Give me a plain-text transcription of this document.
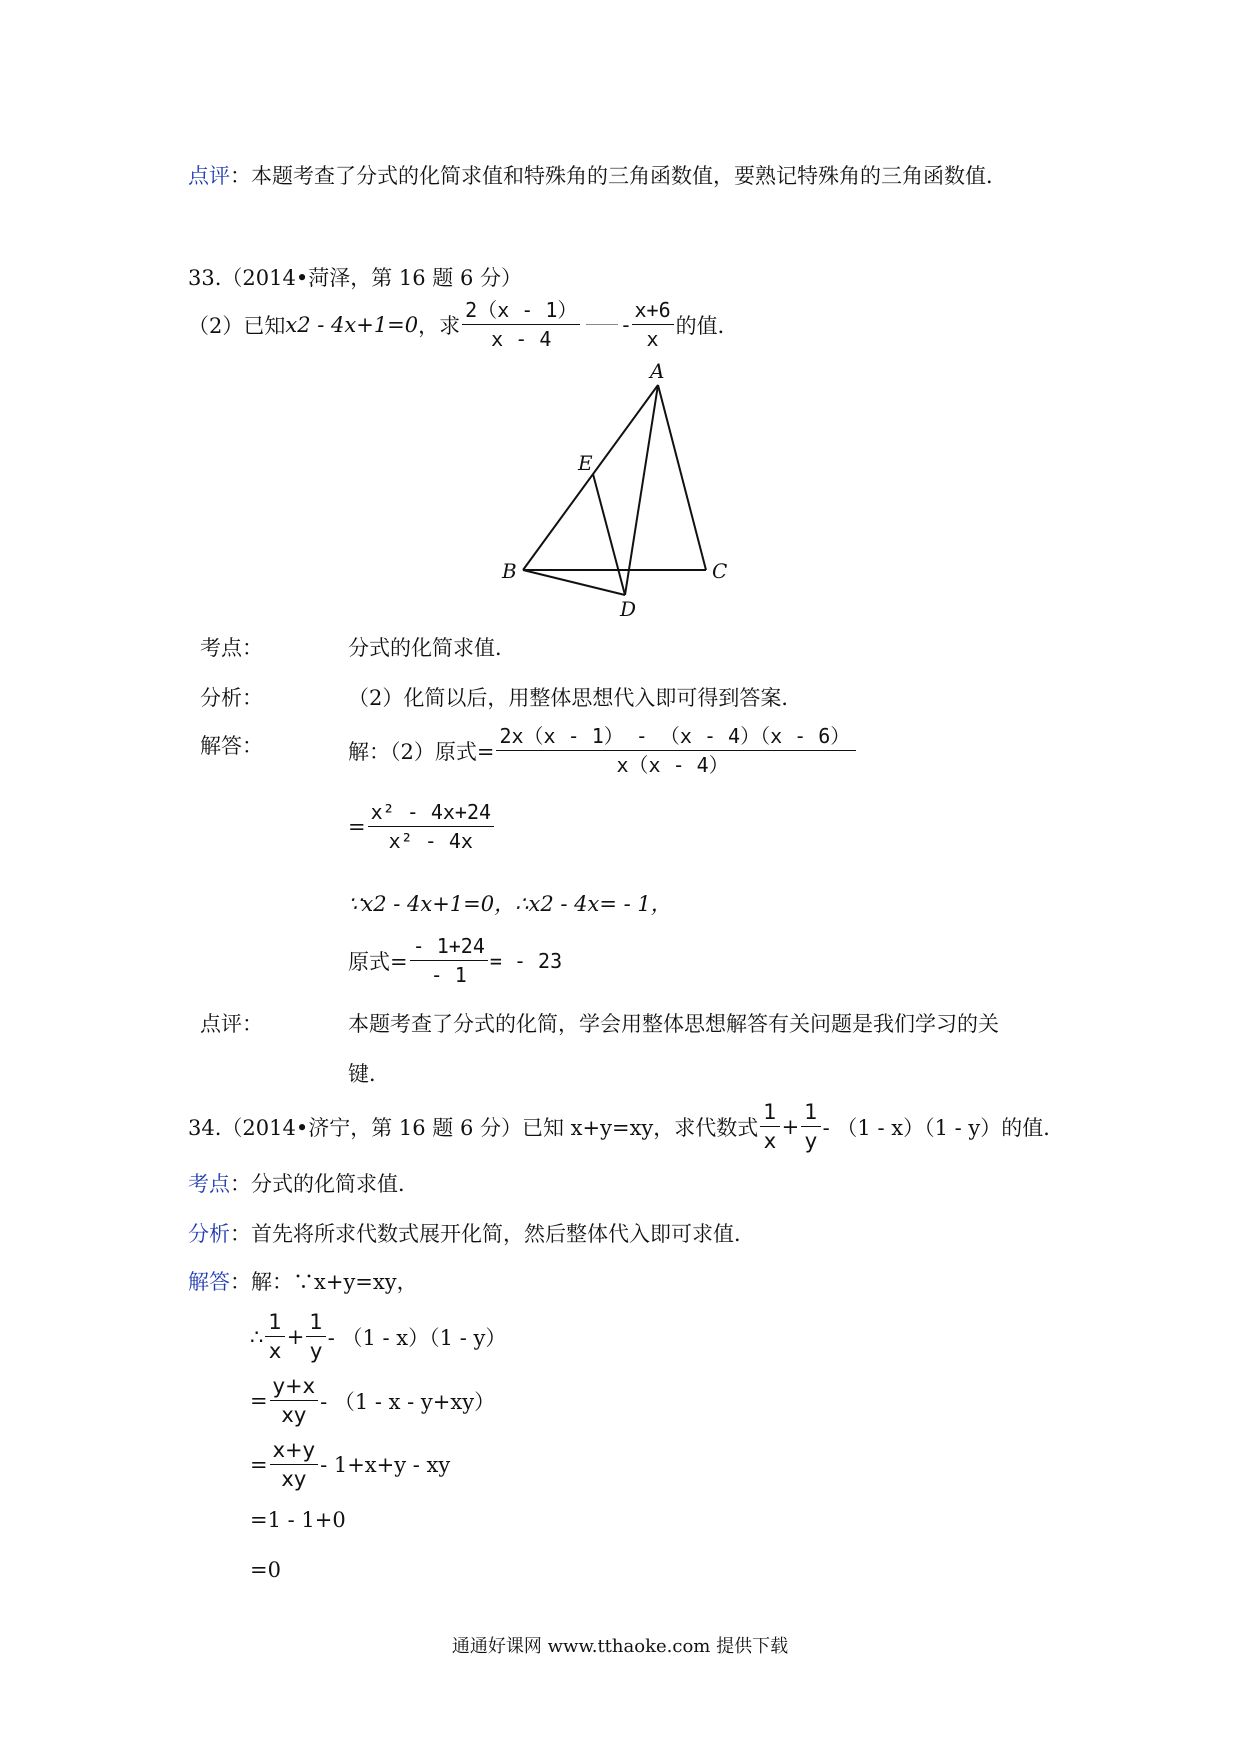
点评：本题考查了分式的化简求值和特殊角的三角函数值，要熟记特殊角的三角函数值．
33.（2014•菏泽，第 16 题 6 分）
（2）已知 x2 - 4x+1=0 ，求 $\frac{2(x - 1)}{x - 4} - \frac{x+6}{x}$ 的值．
A
E
B	C
D
考点：	分式的化简求值．
分析：	（2）化简以后，用整体思想代入即可得到答案．
解答：	解：（2）原式= $\frac{2x(x - 1) - (x - 4)(x - 6)}{x(x - 4)}$
= $\frac{\text{x² - 4x+24}}{\text{x² - 4x}}$
∵x2 - 4x+1=0，∴x2 - 4x= - 1，
原式= $\frac{- 1+24}{- 1}$ = - 23
点评：	本题考查了分式的化简，学会用整体思想解答有关问题是我们学习的关
键．
34.（2014•济宁，第 16 题 6 分）已知 x+y=xy，求代数式 $\frac{1}{x} + \frac{1}{y} - (1 - x)(1 - y)$的值．
考点：分式的化简求值．
分析：首先将所求代数式展开化简，然后整体代入即可求值．
解答：解：∵x+y=xy，
∴ $\frac{1}{x} + \frac{1}{y} - (1 - x)(1 - y)$
= $\frac{y+x}{xy} - (1 - x - y+xy)$
= $\frac{x+y}{xy} - 1+x+y$ - xy
=1 - 1+0
=0
通通好课网 www.tthaoke.com 提供下载
